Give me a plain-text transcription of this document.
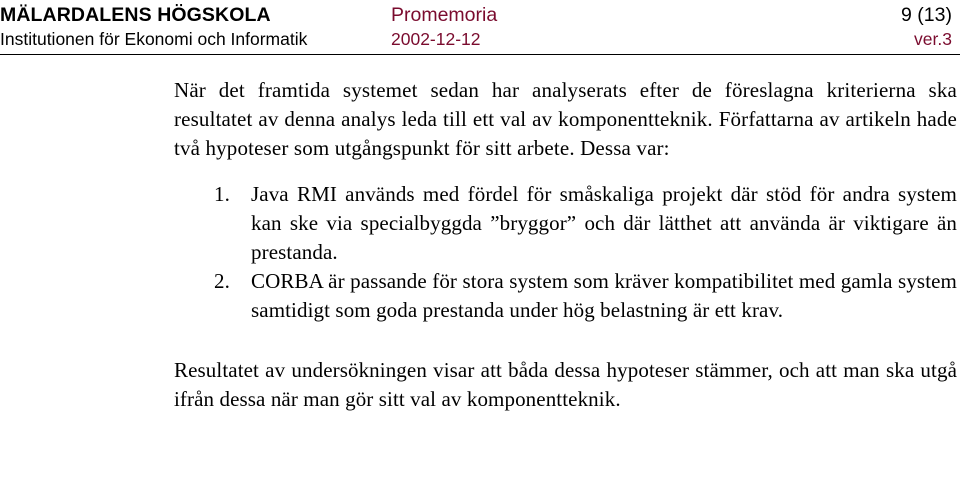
MÄLARDALENS HÖGSKOLA
Institutionen för Ekonomi och Informatik
Promemoria
2002-12-12
9 (13)
ver.3

När det framtida systemet sedan har analyserats efter de föreslagna kriterierna ska resultatet av denna analys leda till ett val av komponentteknik. Författarna av artikeln hade två hypoteser som utgångspunkt för sitt arbete. Dessa var:

1. Java RMI används med fördel för småskaliga projekt där stöd för andra system kan ske via specialbyggda ”bryggor” och där lätthet att använda är viktigare än prestanda.
2. CORBA är passande för stora system som kräver kompatibilitet med gamla system samtidigt som goda prestanda under hög belastning är ett krav.

Resultatet av undersökningen visar att båda dessa hypoteser stämmer, och att man ska utgå ifrån dessa när man gör sitt val av komponentteknik.
